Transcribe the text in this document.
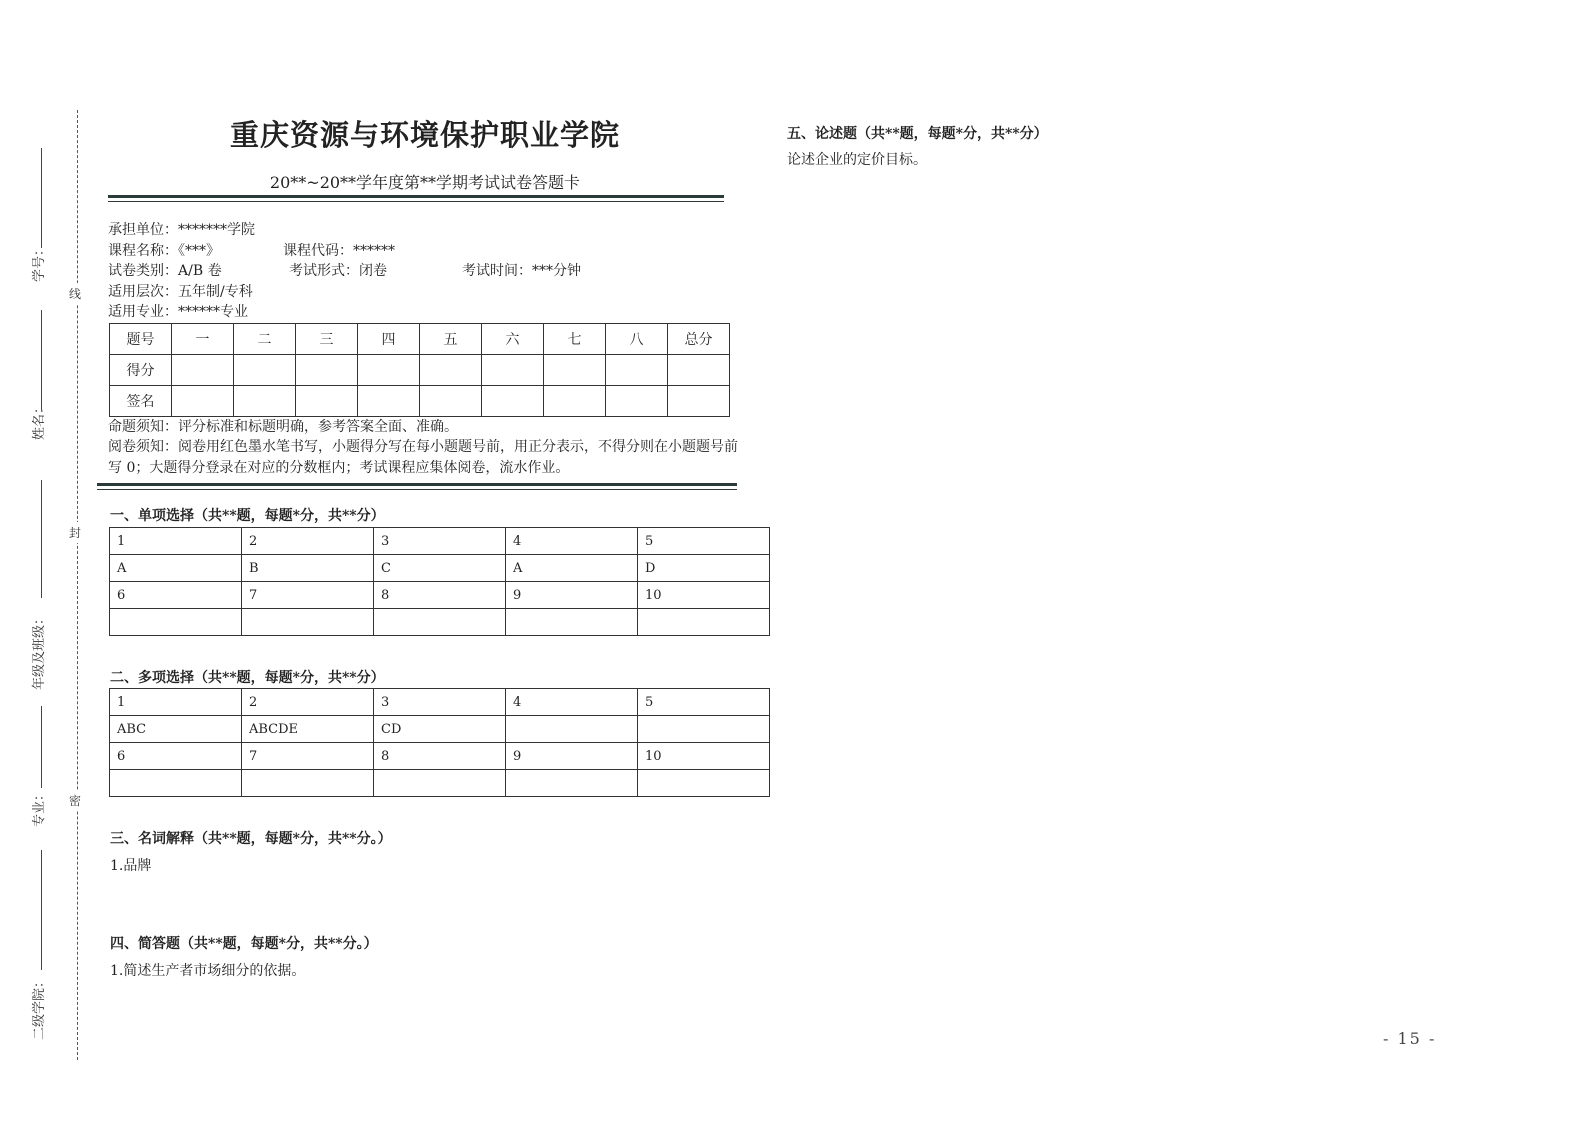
学号：
姓名：
年级及班级：
专业：
二级学院：
线
封
密
重庆资源与环境保护职业学院
20**~20**学年度第**学期考试试卷答题卡
承担单位：*******学院
课程名称：《***》	课程代码：******
试卷类别：A/B 卷	考试形式：闭卷	考试时间：***分钟
适用层次：五年制/专科
适用专业：******专业
题号	一	二	三	四	五	六	七	八	总分
得分									
签名									
命题须知：评分标准和标题明确，参考答案全面、准确。
阅卷须知：阅卷用红色墨水笔书写，小题得分写在每小题题号前，用正分表示，不得分则在小题题号前写 0；大题得分登录在对应的分数框内；考试课程应集体阅卷，流水作业。
一、单项选择（共**题，每题*分，共**分）
1	2	3	4	5
A	B	C	A	D
6	7	8	9	10

二、多项选择（共**题，每题*分，共**分）
1	2	3	4	5
ABC	ABCDE	CD		
6	7	8	9	10

三、名词解释（共**题，每题*分，共**分。）
1.品牌
四、简答题（共**题，每题*分，共**分。）
1.简述生产者市场细分的依据。
五、论述题（共**题，每题*分，共**分）
论述企业的定价目标。
- 15 -
